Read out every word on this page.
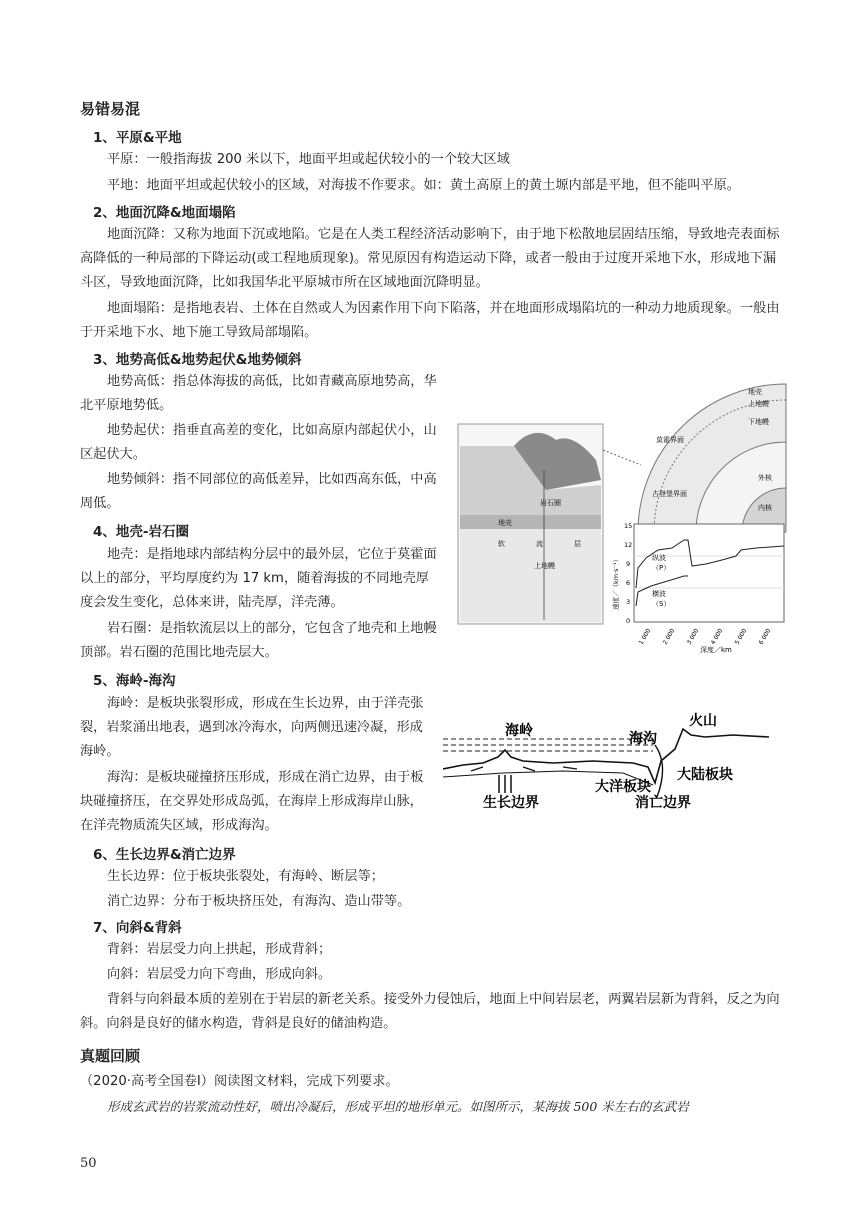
易错易混
1、平原&平地
平原：一般指海拔 200 米以下，地面平坦或起伏较小的一个较大区域
平地：地面平坦或起伏较小的区域，对海拔不作要求。如：黄土高原上的黄土塬内部是平地，但不能叫平原。
2、地面沉降&地面塌陷
地面沉降：又称为地面下沉或地陷。它是在人类工程经济活动影响下，由于地下松散地层固结压缩，导致地壳表面标高降低的一种局部的下降运动(或工程地质现象)。常见原因有构造运动下降，或者一般由于过度开采地下水，形成地下漏斗区，导致地面沉降，比如我国华北平原城市所在区域地面沉降明显。
地面塌陷：是指地表岩、土体在自然或人为因素作用下向下陷落，并在地面形成塌陷坑的一种动力地质现象。一般由于开采地下水、地下施工导致局部塌陷。
3、地势高低&地势起伏&地势倾斜
地势高低：指总体海拔的高低，比如青藏高原地势高，华北平原地势低。
地势起伏：指垂直高差的变化，比如高原内部起伏小，山区起伏大。
地势倾斜：指不同部位的高低差异，比如西高东低，中高周低。
4、地壳-岩石圈
地壳：是指地球内部结构分层中的最外层，它位于莫霍面以上的部分，平均厚度约为 17 km，随着海拔的不同地壳厚度会发生变化，总体来讲，陆壳厚，洋壳薄。
岩石圈：是指软流层以上的部分，它包含了地壳和上地幔顶部。岩石圈的范围比地壳层大。
5、海岭-海沟
海岭：是板块张裂形成，形成在生长边界，由于洋壳张裂，岩浆涌出地表，遇到冰冷海水，向两侧迅速冷凝，形成海岭。
海沟：是板块碰撞挤压形成，形成在消亡边界，由于板块碰撞挤压，在交界处形成岛弧，在海岸上形成海岸山脉，在洋壳物质流失区域，形成海沟。
6、生长边界&消亡边界
生长边界：位于板块张裂处，有海岭、断层等；
消亡边界：分布于板块挤压处，有海沟、造山带等。
7、向斜&背斜
背斜：岩层受力向上拱起，形成背斜；
向斜：岩层受力向下弯曲，形成向斜。
背斜与向斜最本质的差别在于岩层的新老关系。接受外力侵蚀后，地面上中间岩层老，两翼岩层新为背斜，反之为向斜。向斜是良好的储水构造，背斜是良好的储油构造。
真题回顾
（2020·高考全国卷Ⅰ）阅读图文材料，完成下列要求。
形成玄武岩的岩浆流动性好，喷出冷凝后，形成平坦的地形单元。如图所示，某海拔 500 米左右的玄武岩
50
岩石圈
地壳
软	流	层
上地幔
地壳
上地幔
下地幔
外核
内核
莫霍界面
古登堡界面
纵波
（P）
横波
（S）
速度／（km·s⁻¹）
15
12
9
6
3
0
1 000 2 000 3 000 4 000 5 000 6 000
深度／km
海岭	海沟
火山
大洋板块
大陆板块
生长边界	消亡边界
